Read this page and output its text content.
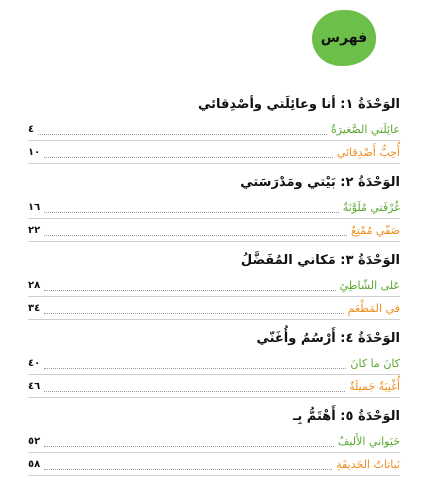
فهرس
الوَحْدَةُ ١: أنا وعائِلَتي وأصْدِقائي
عائِلَتي الصَّغيرَةُ
٤
أُحِبُّ أَصْدِقائي
١٠
الوَحْدَةُ ٢: بَيْتي ومَدْرَسَتي
غُرْفَتي مُلَوَّنَةٌ
١٦
صَفّي مُمْتِعٌ
٢٢
الوَحْدَةُ ٣: مَكاني المُفَضَّلُ
عَلى الشّاطِئِ
٢٨
في المَطْعَمِ
٣٤
الوَحْدَةُ ٤: أَرْسُمُ وأُغَنّي
كانَ ما كانَ
٤٠
أُغْنِيَةٌ جَميلَةٌ
٤٦
الوَحْدَةُ ٥: أَهْتَمُّ بِـ
حَيَواني الأَليفُ
٥٢
نَباتاتُ الحَديقَةِ
٥٨
